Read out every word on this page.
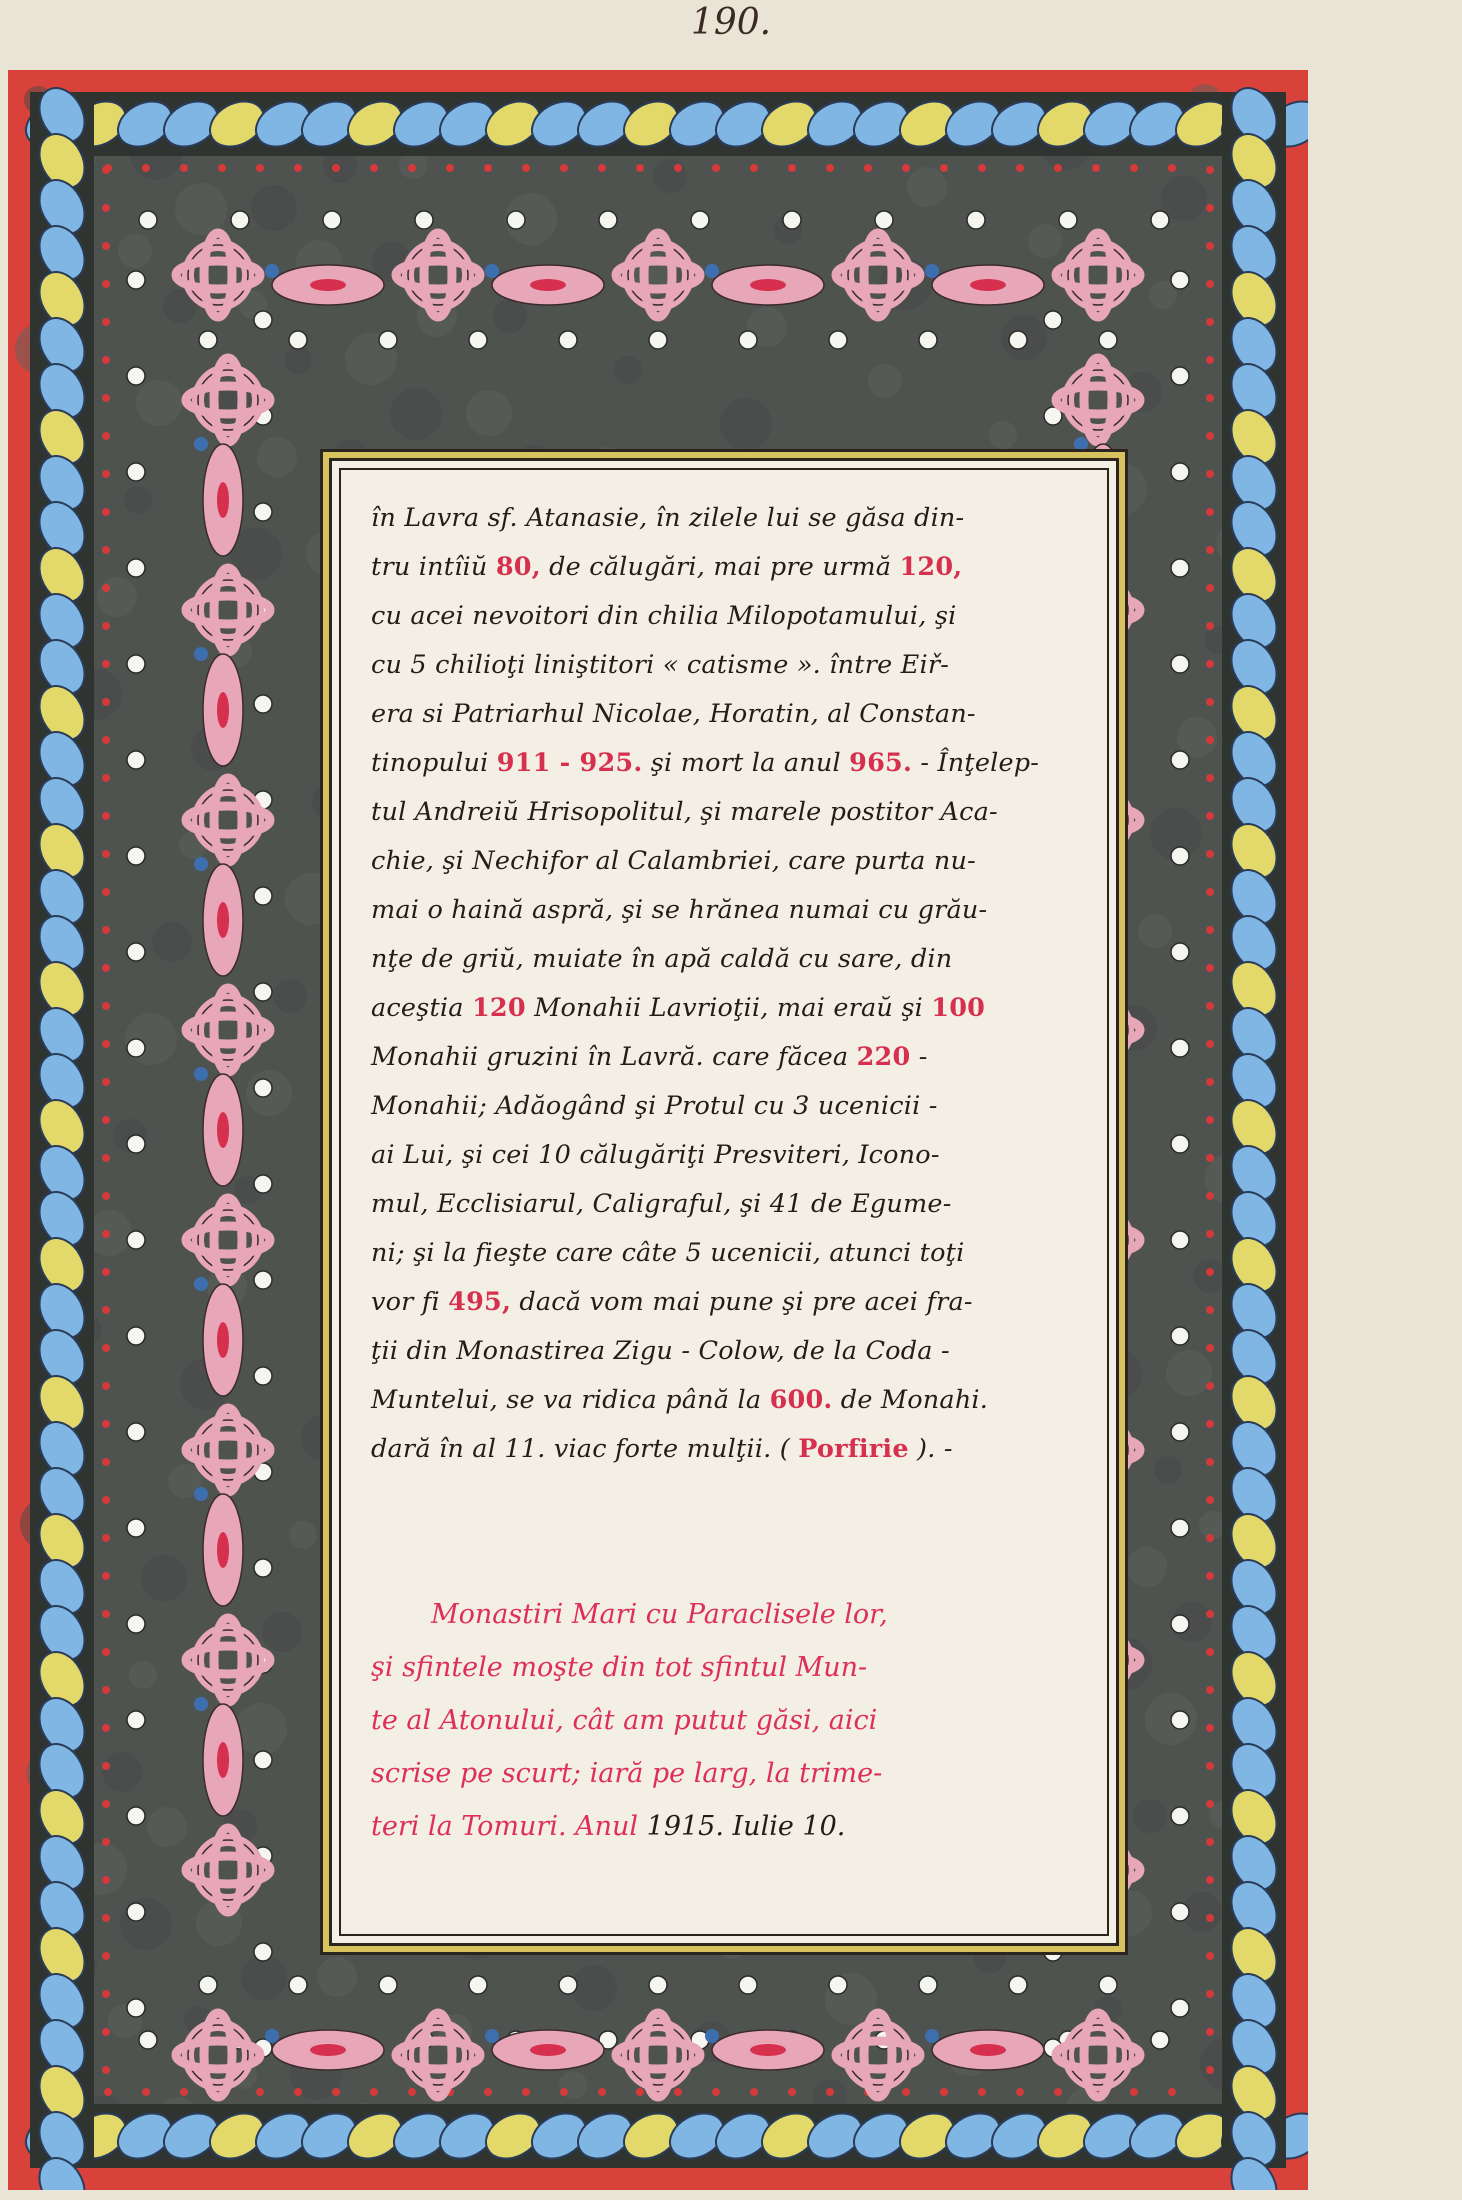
190.
în Lavra sf. Atanasie, în zilele lui se găsa din-
tru intîiŭ 80, de călugări, mai pre urmă 120,
cu acei nevoitori din chilia Milopotamului, şi
cu 5 chilioţi liniştitori « catisme ». între Eiř-
era si Patriarhul Nicolae, Horatin, al Constan-
tinopului 911 - 925. şi mort la anul 965. - Înţelep-
tul Andreiŭ Hrisopolitul, şi marele postitor Aca-
chie, şi Nechifor al Calambriei, care purta nu-
mai o haină aspră, şi se hrănea numai cu grău-
nţe de griŭ, muiate în apă caldă cu sare, din
aceştia 120 Monahii Lavrioţii, mai eraŭ şi 100
Monahii gruzini în Lavră. care făcea 220 -
Monahii; Adăogând şi Protul cu 3 ucenicii -
ai Lui, şi cei 10 călugăriţi Presviteri, Icono-
mul, Ecclisiarul, Caligraful, şi 41 de Egume-
ni; şi la fieşte care câte 5 ucenicii, atunci toţi
vor fi 495, dacă vom mai pune şi pre acei fra-
ţii din Monastirea Zigu - Colow, de la Coda -
Muntelui, se va ridica până la 600. de Monahi.
dară în al 11. viac forte mulţii. ( Porfirie ). -
Monastiri Mari cu Paraclisele lor,
şi sfintele moşte din tot sfintul Mun-
te al Atonului, cât am putut găsi, aici
scrise pe scurt; iară pe larg, la trime-
teri la Tomuri. Anul 1915. Iulie 10.
